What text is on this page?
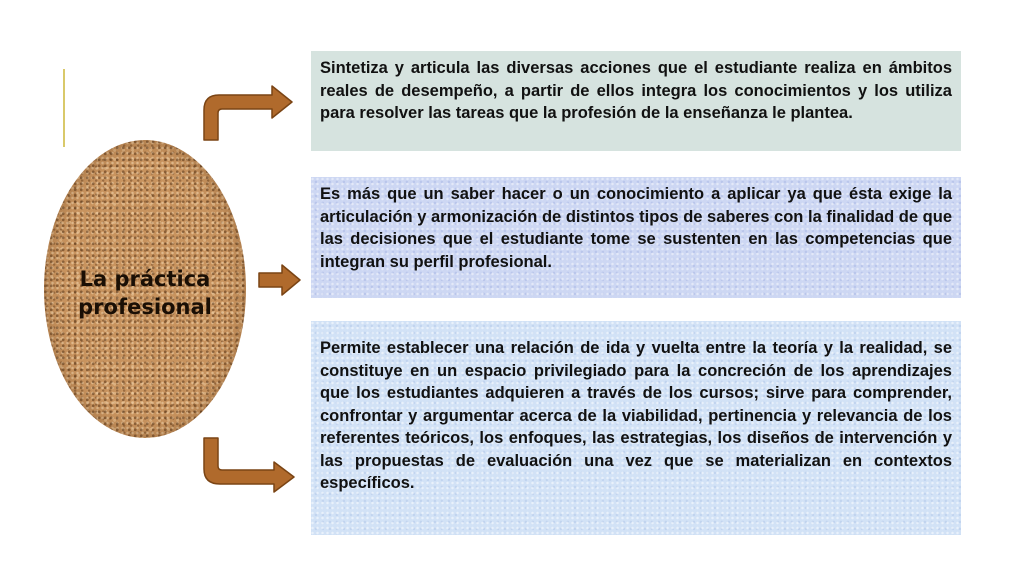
La práctica profesional
Sintetiza y articula las diversas acciones que el estudiante realiza en ámbitos reales de desempeño, a partir de ellos integra los conocimientos y los utiliza para resolver las tareas que la profesión de la enseñanza le plantea.
Es más que un saber hacer o un conocimiento a aplicar ya que ésta exige la articulación y armonización de distintos tipos de saberes con la finalidad de que las decisiones que el estudiante tome se sustenten en las competencias que integran su perfil profesional.
Permite establecer una relación de ida y vuelta entre la teoría y la realidad, se constituye en un espacio privilegiado para la concreción de los aprendizajes que los estudiantes adquieren a través de los cursos; sirve para comprender, confrontar y argumentar acerca de la viabilidad, pertinencia y relevancia de los referentes teóricos, los enfoques, las estrategias, los diseños de intervención y las propuestas de evaluación una vez que se materializan en contextos específicos.
